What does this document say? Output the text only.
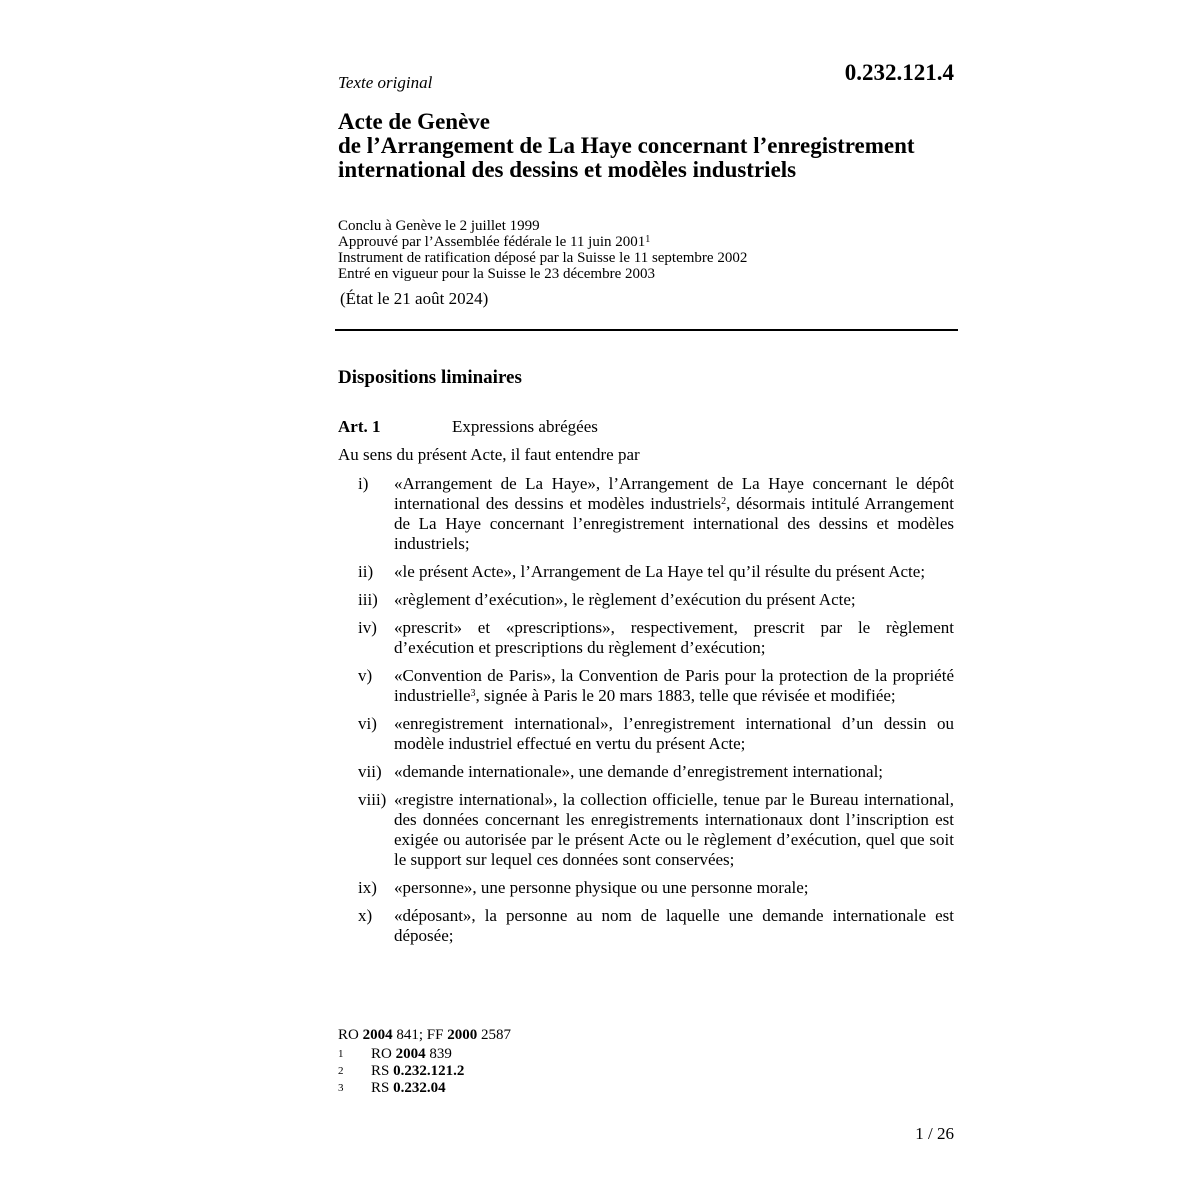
Texte original	0.232.121.4
Acte de Genève
de l’Arrangement de La Haye concernant l’enregistrement
international des dessins et modèles industriels
Conclu à Genève le 2 juillet 1999
Approuvé par l’Assemblée fédérale le 11 juin 2001$^1$
Instrument de ratification déposé par la Suisse le 11 septembre 2002
Entré en vigueur pour la Suisse le 23 décembre 2003
(État le 21 août 2024)
Dispositions liminaires
Art. 1	Expressions abrégées
Au sens du présent Acte, il faut entendre par
i)	«Arrangement de La Haye», l’Arrangement de La Haye concernant le dépôt international des dessins et modèles industriels$^2$, désormais intitulé Arrangement de La Haye concernant l’enregistrement international des dessins et modèles industriels;
ii)	«le présent Acte», l’Arrangement de La Haye tel qu’il résulte du présent Acte;
iii) «règlement d’exécution», le règlement d’exécution du présent Acte;
iv)	«prescrit» et «prescriptions», respectivement, prescrit par le règlement d’exécution et prescriptions du règlement d’exécution;
v)	«Convention de Paris», la Convention de Paris pour la protection de la propriété industrielle$^3$, signée à Paris le 20 mars 1883, telle que révisée et modifiée;
vi)	«enregistrement international», l’enregistrement international d’un dessin ou modèle industriel effectué en vertu du présent Acte;
vii) «demande internationale», une demande d’enregistrement international;
viii) «registre international», la collection officielle, tenue par le Bureau international, des données concernant les enregistrements internationaux dont l’inscription est exigée ou autorisée par le présent Acte ou le règlement d’exécution, quel que soit le support sur lequel ces données sont conservées;
ix)	«personne», une personne physique ou une personne morale;
x)	«déposant», la personne au nom de laquelle une demande internationale est déposée;
RO 2004 841; FF 2000 2587
1 RO 2004 839
2 RS 0.232.121.2
3 RS 0.232.04
1 / 26
